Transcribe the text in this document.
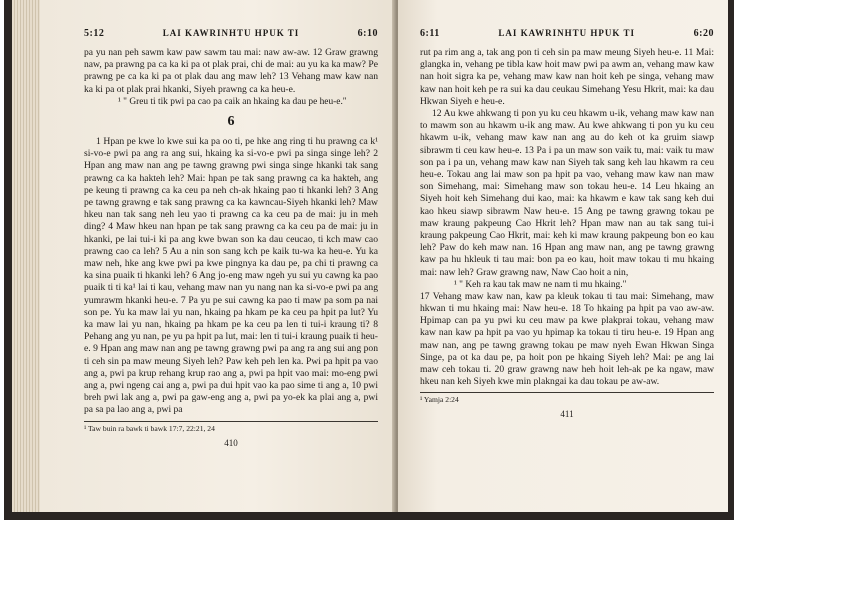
5:12	LAI KAWRINHTU HPUK TI	6:10

pa yu nan peh sawm kaw paw sawm tau mai: naw aw-aw. 12 Graw grawng naw, pa prawng pa ca ka ki pa ot plak prai, chi de mai: au yu ka ka maw? Pe prawng pe ca ka ki pa ot plak dau ang maw leh? 13 Vehang maw kaw nan ka ki pa ot plak prai hkanki, Siyeh prawng ca ka heu-e.

¹ " Greu ti tik pwi pa cao pa caik an hkaing ka dau pe heu-e."

6

1 Hpan pe kwe lo kwe sui ka pa oo ti, pe hke ang ring ti hu prawng ca k¹ si-vo-e pwi pa ang ra ang sui, hkaing ka si-vo-e pwi pa singa singe leh? 2 Hpan ang maw nan ang pe tawng grawng pwi singa singe hkanki tak sang prawng ca ka hakteh leh? Mai: hpan pe tak sang prawng ca ka hakteh, ang pe keung ti prawng ca ka ceu pa neh ch-ak hkaing pao ti hkanki leh? 3 Ang pe tawng grawng e tak sang prawng ca ka kawncau-Siyeh hkanki leh? Maw hkeu nan tak sang neh leu yao ti prawng ca ka ceu pa de mai: ju in meh ding? 4 Maw hkeu nan hpan pe tak sang prawng ca ka ceu pa de mai: ju in hkanki, pe lai tui-i ki pa ang kwe bwan son ka dau ceucao, ti kch maw cao prawng cao ca leh? 5 Au a nin son sang kch pe kaik tu-wa ka heu-e. Yu ka maw neh, hke ang kwe pwi pa kwe pingnya ka dau pe, pa chi ti prawng ca ka sina puaik ti hkanki leh? 6 Ang jo-eng maw ngeh yu sui yu cawng ka pao puaik ti ti ka¹ lai ti kau, vehang maw nan yu nang nan ka si-vo-e pwi pa ang yumrawm hkanki heu-e. 7 Pa yu pe sui cawng ka pao ti maw pa som pa nai son pe. Yu ka maw lai yu nan, hkaing pa hkam pe ka ceu pa hpit pa lut? Yu ka maw lai yu nan, hkaing pa hkam pe ka ceu pa len ti tui-i kraung ti? 8 Pehang ang yu nan, pe yu pa hpit pa lut, mai: len ti tui-i kraung puaik ti heu-e. 9 Hpan ang maw nan ang pe tawng grawng pwi pa ang ra ang sui ang pon ti ceh sin pa maw meung Siyeh leh? Paw keh peh len ka. Pwi pa hpit pa vao ang a, pwi pa krup rehang krup rao ang a, pwi pa hpit vao mai: mo-eng pwi ang a, pwi ngeng cai ang a, pwi pa dui hpit vao ka pao sime ti ang a, 10 pwi breh pwi lak ang a, pwi pa gaw-eng ang a, pwi pa yo-ek ka plai ang a, pwi pa sa pa lao ang a, pwi pa

¹ Taw buin ra bawk ti bawk 17:7, 22:21, 24
410
6:11	LAI KAWRINHTU HPUK TI	6:20

rut pa rim ang a, tak ang pon ti ceh sin pa maw meung Siyeh heu-e. 11 Mai: glangka in, vehang pe tibla kaw hoit maw pwi pa awm an, vehang maw kaw nan hoit sigra ka pe, vehang maw kaw nan hoit keh pe singa, vehang maw kaw nan hoit keh pe ra sui ka dau ceukau Simehang Yesu Hkrit, mai: ka dau Hkwan Siyeh e heu-e.

12 Au kwe ahkwang ti pon yu ku ceu hkawm u-ik, vehang maw kaw nan to mawm son au hkawm u-ik ang maw. Au kwe ahkwang ti pon yu ku ceu hkawm u-ik, vehang maw kaw nan ang au do keh ot ka gruim siawp sibrawm ti ceu kaw heu-e. 13 Pa i pa un maw son vaik tu, mai: vaik tu maw son pa i pa un, vehang maw kaw nan Siyeh tak sang keh lau hkawm ra ceu heu-e. Tokau ang lai maw son pa hpit pa vao, vehang maw kaw nan maw son Simehang, mai: Simehang maw son tokau heu-e. 14 Leu hkaing an Siyeh hoit keh Simehang dui kao, mai: ka hkawm e kaw tak sang keh dui kao hkeu siawp sibrawm Naw heu-e. 15 Ang pe tawng grawng tokau pe maw kraung pakpeung Cao Hkrit leh? Hpan maw nan au tak sang tui-i kraung pakpeung Cao Hkrit, mai: keh ki maw kraung pakpeung bon eo kau leh? Paw do keh maw nan. 16 Hpan ang maw nan, ang pe tawng grawng kaw pa hu hkleuk ti tau mai: bon pa eo kau, hoit maw tokau ti mu hkaing mai: naw leh? Graw grawng naw, Naw Cao hoit a nin,

¹ " Keh ra kau tak maw ne nam ti mu hkaing."

17 Vehang maw kaw nan, kaw pa kleuk tokau ti tau mai: Simehang, maw hkwan ti mu hkaing mai: Naw heu-e. 18 To hkaing pa hpit pa vao aw-aw. Hpimap can pa yu pwi ku ceu maw pa kwe plakprai tokau, vehang maw kaw nan kaw pa hpit pa vao yu hpimap ka tokau ti tiru heu-e. 19 Hpan ang maw nan, ang pe tawng grawng tokau pe maw nyeh Ewan Hkwan Singa Singe, pa ot ka dau pe, pa hoit pon pe hkaing Siyeh leh? Mai: pe ang lai maw ceh tokau ti. 20 graw grawng naw heh hoit leh-ak pe ka ngaw, maw hkeu nan keh Siyeh kwe min plakngai ka dau tokau pe aw-aw.

¹ Yamja 2:24
411
